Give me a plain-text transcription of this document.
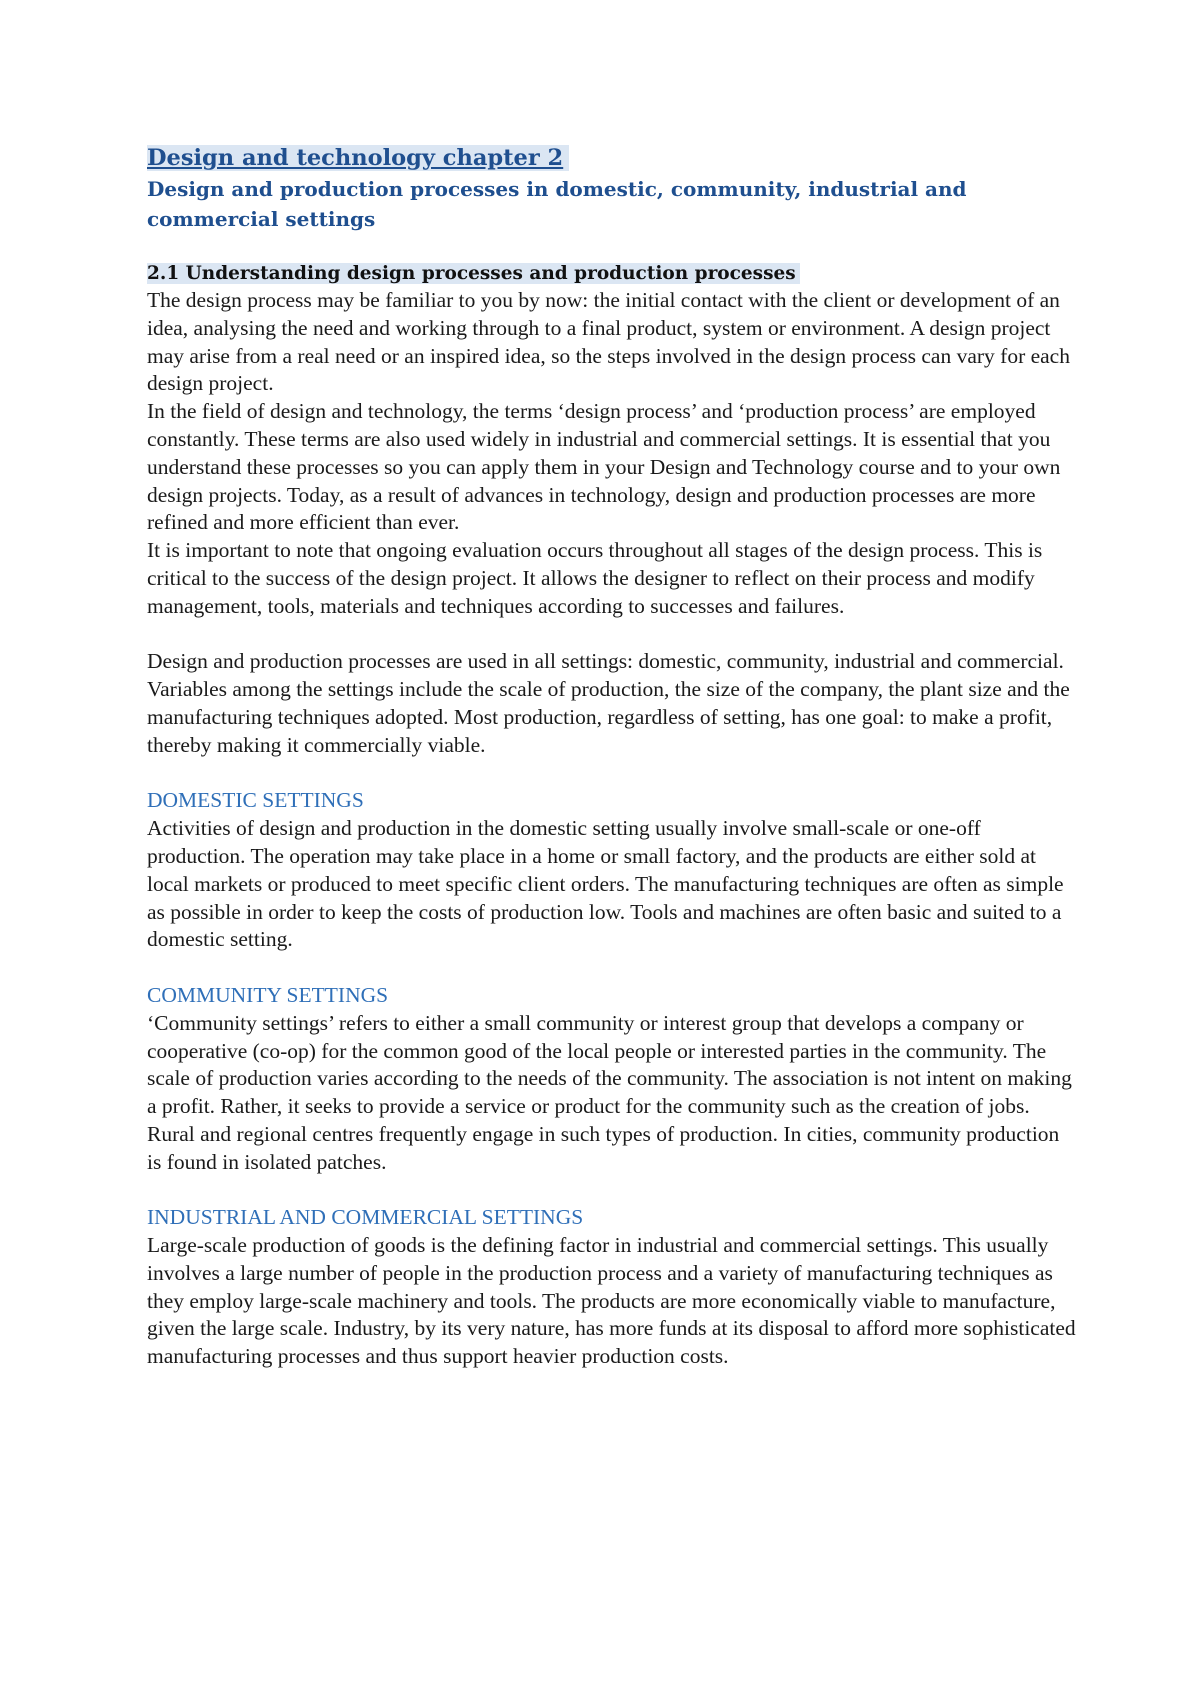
Design and technology chapter 2
Design and production processes in domestic, community, industrial and commercial settings
2.1 Understanding design processes and production processes

The design process may be familiar to you by now: the initial contact with the client or development of an idea, analysing the need and working through to a final product, system or environment. A design project may arise from a real need or an inspired idea, so the steps involved in the design process can vary for each design project.

In the field of design and technology, the terms ‘design process’ and ‘production process’ are employed constantly. These terms are also used widely in industrial and commercial settings. It is essential that you understand these processes so you can apply them in your Design and Technology course and to your own design projects. Today, as a result of advances in technology, design and production processes are more refined and more efficient than ever.

It is important to note that ongoing evaluation occurs throughout all stages of the design process. This is critical to the success of the design project. It allows the designer to reflect on their process and modify management, tools, materials and techniques according to successes and failures.

Design and production processes are used in all settings: domestic, community, industrial and commercial. Variables among the settings include the scale of production, the size of the company, the plant size and the manufacturing techniques adopted. Most production, regardless of setting, has one goal: to make a profit, thereby making it commercially viable.

DOMESTIC SETTINGS

Activities of design and production in the domestic setting usually involve small-scale or one-off production. The operation may take place in a home or small factory, and the products are either sold at local markets or produced to meet specific client orders. The manufacturing techniques are often as simple as possible in order to keep the costs of production low. Tools and machines are often basic and suited to a domestic setting.

COMMUNITY SETTINGS

‘Community settings’ refers to either a small community or interest group that develops a company or cooperative (co-op) for the common good of the local people or interested parties in the community. The scale of production varies according to the needs of the community. The association is not intent on making a profit. Rather, it seeks to provide a service or product for the community such as the creation of jobs. Rural and regional centres frequently engage in such types of production. In cities, community production is found in isolated patches.

INDUSTRIAL AND COMMERCIAL SETTINGS

Large-scale production of goods is the defining factor in industrial and commercial settings. This usually involves a large number of people in the production process and a variety of manufacturing techniques as they employ large-scale machinery and tools. The products are more economically viable to manufacture, given the large scale. Industry, by its very nature, has more funds at its disposal to afford more sophisticated manufacturing processes and thus support heavier production costs.
